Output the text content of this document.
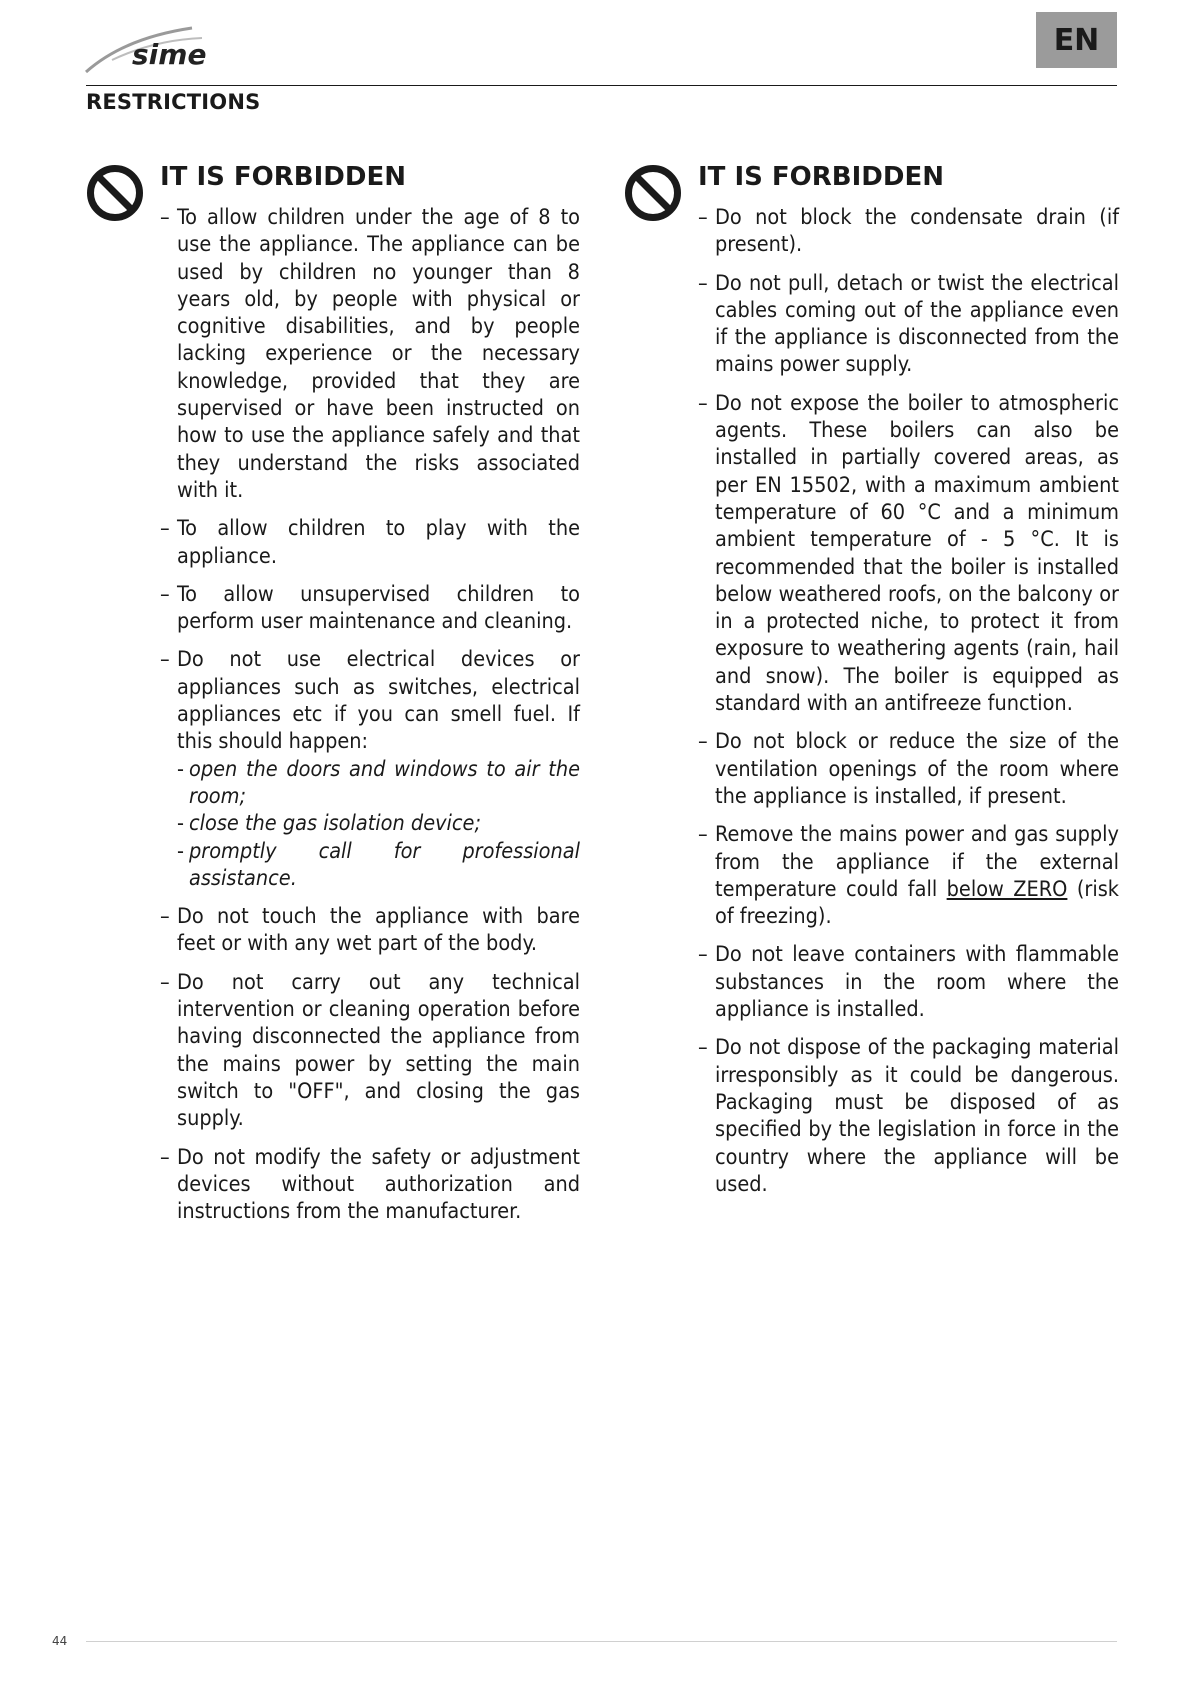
sime	EN
RESTRICTIONS
IT IS FORBIDDEN
– To allow children under the age of 8 to use the appliance. The appliance can be used by children no younger than 8 years old, by people with physical or cognitive disabilities, and by people lacking experience or the necessary knowledge, provided that they are supervised or have been instructed on how to use the appliance safely and that they understand the risks associated with it.
– To allow children to play with the appliance.
– To allow unsupervised children to perform user maintenance and cleaning.
– Do not use electrical devices or appliances such as switches, electrical appliances etc if you can smell fuel. If this should happen:
- open the doors and windows to air the room;
- close the gas isolation device;
- promptly call for professional assistance.
– Do not touch the appliance with bare feet or with any wet part of the body.
– Do not carry out any technical intervention or cleaning operation before having disconnected the appliance from the mains power by setting the main switch to "OFF", and closing the gas supply.
– Do not modify the safety or adjustment devices without authorization and instructions from the manufacturer.
IT IS FORBIDDEN
– Do not block the condensate drain (if present).
– Do not pull, detach or twist the electrical cables coming out of the appliance even if the appliance is disconnected from the mains power supply.
– Do not expose the boiler to atmospheric agents. These boilers can also be installed in partially covered areas, as per EN 15502, with a maximum ambient temperature of 60 °C and a minimum ambient temperature of - 5 °C. It is recommended that the boiler is installed below weathered roofs, on the balcony or in a protected niche, to protect it from exposure to weathering agents (rain, hail and snow). The boiler is equipped as standard with an antifreeze function.
– Do not block or reduce the size of the ventilation openings of the room where the appliance is installed, if present.
– Remove the mains power and gas supply from the appliance if the external temperature could fall below ZERO (risk of freezing).
– Do not leave containers with flammable substances in the room where the appliance is installed.
– Do not dispose of the packaging material irresponsibly as it could be dangerous. Packaging must be disposed of as specified by the legislation in force in the country where the appliance will be used.
44
